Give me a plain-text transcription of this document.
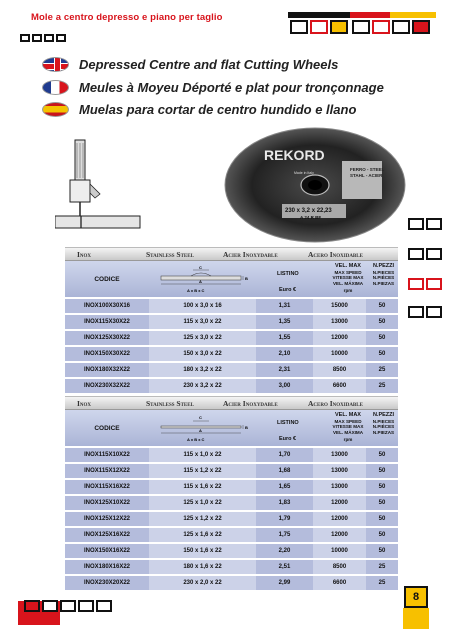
Mole a centro depresso e piano per taglio
Depressed Centre and flat Cutting Wheels
Meules à Moyeu Déporté e plat pour tronçonnage
Muelas para cortar de centro hundido e llano
REKORD
FERRO - STEEL
STAHL - ACIER
230 x 3,2 x 22,23
A 24 R BF
Made in Italy
Inox	Stainless Steel	Acier Inoxydable	Acero Inoxidable
CODICE
C
A
B
A x B x C
LISTINO
Euro €
VEL. MAX
MAX SPEED
VITESSE MAX
VEL. MÁXIMA
rpm
N.PEZZI
N.PIECES
N.PIÈCES
N.PIEZAS
INOX100X30X16	100 x 3,0 x 16	1,31	15000	50
INOX115X30X22	115 x 3,0 x 22	1,35	13000	50
INOX125X30X22	125 x 3,0 x 22	1,55	12000	50
INOX150X30X22	150 x 3,0 x 22	2,10	10000	50
INOX180X32X22	180 x 3,2 x 22	2,31	8500	25
INOX230X32X22	230 x 3,2 x 22	3,00	6600	25
Inox	Stainless Steel	Acier Inoxydable	Acero Inoxidable
CODICE
C
A
B
A x B x C
LISTINO
Euro €
VEL. MAX
MAX SPEED
VITESSE MAX
VEL. MÁXIMA
rpm
N.PEZZI
N.PIECES
N.PIÈCES
N.PIEZAS
INOX115X10X22	115 x 1,0 x 22	1,70	13000	50
INOX115X12X22	115 x 1,2 x 22	1,68	13000	50
INOX115X16X22	115 x 1,6 x 22	1,65	13000	50
INOX125X10X22	125 x 1,0 x 22	1,83	12000	50
INOX125X12X22	125 x 1,2 x 22	1,79	12000	50
INOX125X16X22	125 x 1,6 x 22	1,75	12000	50
INOX150X16X22	150 x 1,6 x 22	2,20	10000	50
INOX180X16X22	180 x 1,6 x 22	2,51	8500	25
INOX230X20X22	230 x 2,0 x 22	2,99	6600	25
8
